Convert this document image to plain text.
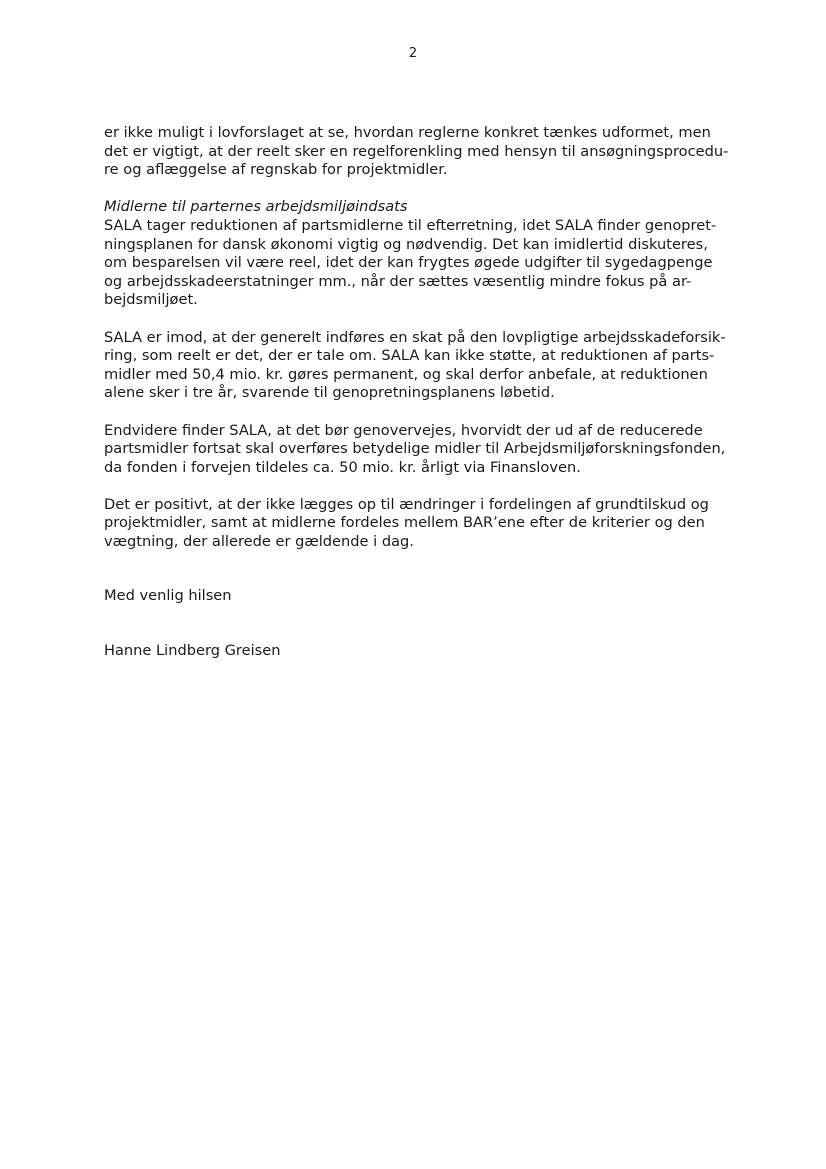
2

er ikke muligt i lovforslaget at se, hvordan reglerne konkret tænkes udformet, men
det er vigtigt, at der reelt sker en regelforenkling med hensyn til ansøgningsprocedu-
re og aflæggelse af regnskab for projektmidler.

Midlerne til parternes arbejdsmiljøindsats
SALA tager reduktionen af partsmidlerne til efterretning, idet SALA finder genopret-
ningsplanen for dansk økonomi vigtig og nødvendig. Det kan imidlertid diskuteres,
om besparelsen vil være reel, idet der kan frygtes øgede udgifter til sygedagpenge
og arbejdsskadeerstatninger mm., når der sættes væsentlig mindre fokus på ar-
bejdsmiljøet.

SALA er imod, at der generelt indføres en skat på den lovpligtige arbejdsskadeforsik-
ring, som reelt er det, der er tale om. SALA kan ikke støtte, at reduktionen af parts-
midler med 50,4 mio. kr. gøres permanent, og skal derfor anbefale, at reduktionen
alene sker i tre år, svarende til genopretningsplanens løbetid.

Endvidere finder SALA, at det bør genovervejes, hvorvidt der ud af de reducerede
partsmidler fortsat skal overføres betydelige midler til Arbejdsmiljøforskningsfonden,
da fonden i forvejen tildeles ca. 50 mio. kr. årligt via Finansloven.

Det er positivt, at der ikke lægges op til ændringer i fordelingen af grundtilskud og
projektmidler, samt at midlerne fordeles mellem BAR’ene efter de kriterier og den
vægtning, der allerede er gældende i dag.

Med venlig hilsen
Hanne Lindberg Greisen
